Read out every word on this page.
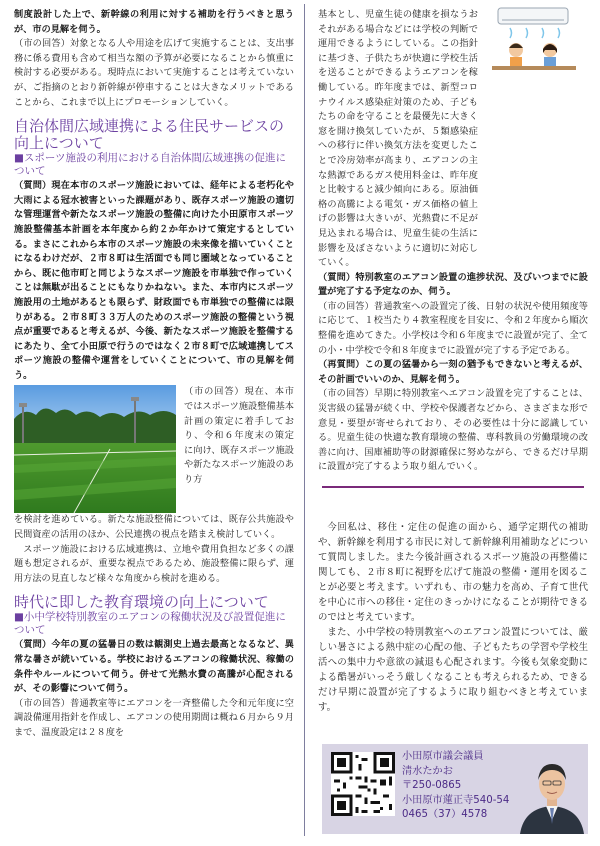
制度設計した上で、新幹線の利用に対する補助を行うべきと思うが、市の見解を伺う。

（市の回答）対象となる人や用途を広げて実施することは、支出事務に係る費用も含めて相当な額の予算が必要になることから慎重に検討する必要がある。現時点において実施することは考えていないが、ご指摘のとおり新幹線が停車することは大きなメリットであることから、これまで以上にプロモーションしていく。

自治体間広域連携による住民サービスの向上について
■スポーツ施設の利用における自治体間広域連携の促進について

（質問）現在本市のスポーツ施設においては、経年による老朽化や大雨による冠水被害といった課題があり、既存スポーツ施設の適切な管理運営や新たなスポーツ施設の整備に向けた小田原市スポーツ施設整備基本計画を本年度から約２か年かけて策定するとしている。まさにこれから本市のスポーツ施設の未来像を描いていくことになるわけだが、２市８町は生活面でも同じ圏域となっていることから、既に他市町と同じようなスポーツ施設を市単独で作っていくことは無駄が出ることにもなりかねない。また、本市内にスポーツ施設用の土地があるとも限らず、財政面でも市単独での整備には限りがある。２市８町３３万人のためのスポーツ施設の整備という視点が重要であると考えるが、今後、新たなスポーツ施設を整備するにあたり、全て小田原で行うのではなく２市８町で広域連携してスポーツ施設の整備や運営をしていくことについて、市の見解を伺う。

（市の回答）現在、本市ではスポーツ施設整備基本計画の策定に着手しており、令和６年度末の策定に向け、既存スポーツ施設や新たなスポーツ施設のあり方

を検討を進めている。新たな施設整備については、既存公共施設や民間資産の活用のほか、公民連携の視点を踏まえ検討していく。

スポーツ施設における広域連携は、立地や費用負担など多くの課題も想定されるが、重要な視点であるため、施設整備に限らず、運用方法の見直しなど様々な角度から検討を進める。

時代に即した教育環境の向上について
■小中学校特別教室のエアコンの稼働状況及び設置促進について

（質問）今年の夏の猛暑日の数は観測史上過去最高となるなど、異常な暑さが続いている。学校におけるエアコンの稼働状況、稼働の条件やルールについて伺う。併せて光熱水費の高騰が心配されるが、その影響について伺う。

（市の回答）普通教室等にエアコンを一斉整備した令和元年度に空調設備運用指針を作成し、エアコンの使用期間は概ね６月から９月まで、温度設定は２８度を

基本とし、児童生徒の健康を損なうおそれがある場合などには学校の判断で運用できるようにしている。この指針に基づき、子供たちが快適に学校生活を送ることができるようエアコンを稼働している。昨年度までは、新型コロナウイルス感染症対策のため、子どもたちの命を守ることを最優先に大きく窓を開け換気していたが、５類感染症への移行に伴い換気方法を変更したことで冷房効率が高まり、エアコンの主な熱源であるガス使用料金は、昨年度と比較すると減少傾向にある。原油価格の高騰による電気・ガス価格の値上げの影響は大きいが、光熱費に不足が見込まれる場合は、児童生徒の生活に影響を及ぼさないように適切に対応していく。

（質問）特別教室のエアコン設置の進捗状況、及びいつまでに設置が完了する予定なのか、伺う。

（市の回答）普通教室への設置完了後、日射の状況や使用頻度等に応じて、１校当たり４教室程度を目安に、令和２年度から順次整備を進めてきた。小学校は令和６年度までに設置が完了、全ての小・中学校で令和８年度までに設置が完了する予定である。

（再質問）この夏の猛暑から一刻の猶予もできないと考えるが、その計画でいいのか、見解を伺う。

（市の回答）早期に特別教室へエアコン設置を完了することは、災害級の猛暑が続く中、学校や保護者などから、さまざまな形で意見・要望が寄せられており、その必要性は十分に認識している。児童生徒の快適な教育環境の整備、専科教員の労働環境の改善に向け、国庫補助等の財源確保に努めながら、できるだけ早期に設置が完了するよう取り組んでいく。

今回私は、移住・定住の促進の面から、通学定期代の補助や、新幹線を利用する市民に対して新幹線利用補助などについて質問しました。また今後計画されるスポーツ施設の再整備に関しても、２市８町に視野を広げて施設の整備・運用を図ることが必要と考えます。いずれも、市の魅力を高め、子育て世代を中心に市への移住・定住のきっかけになることが期待できるのではと考えています。

また、小中学校の特別教室へのエアコン設置については、厳しい暑さによる熱中症の心配の他、子どもたちの学習や学校生活への集中力や意欲の減退も心配されます。今後も気象変動による酷暑がいっそう厳しくなることも考えられるため、できるだけ早期に設置が完了するように取り組むべきと考えています。

小田原市議会議員
清水たかお
〒250-0865
小田原市蓮正寺540-54
0465（37）4578
